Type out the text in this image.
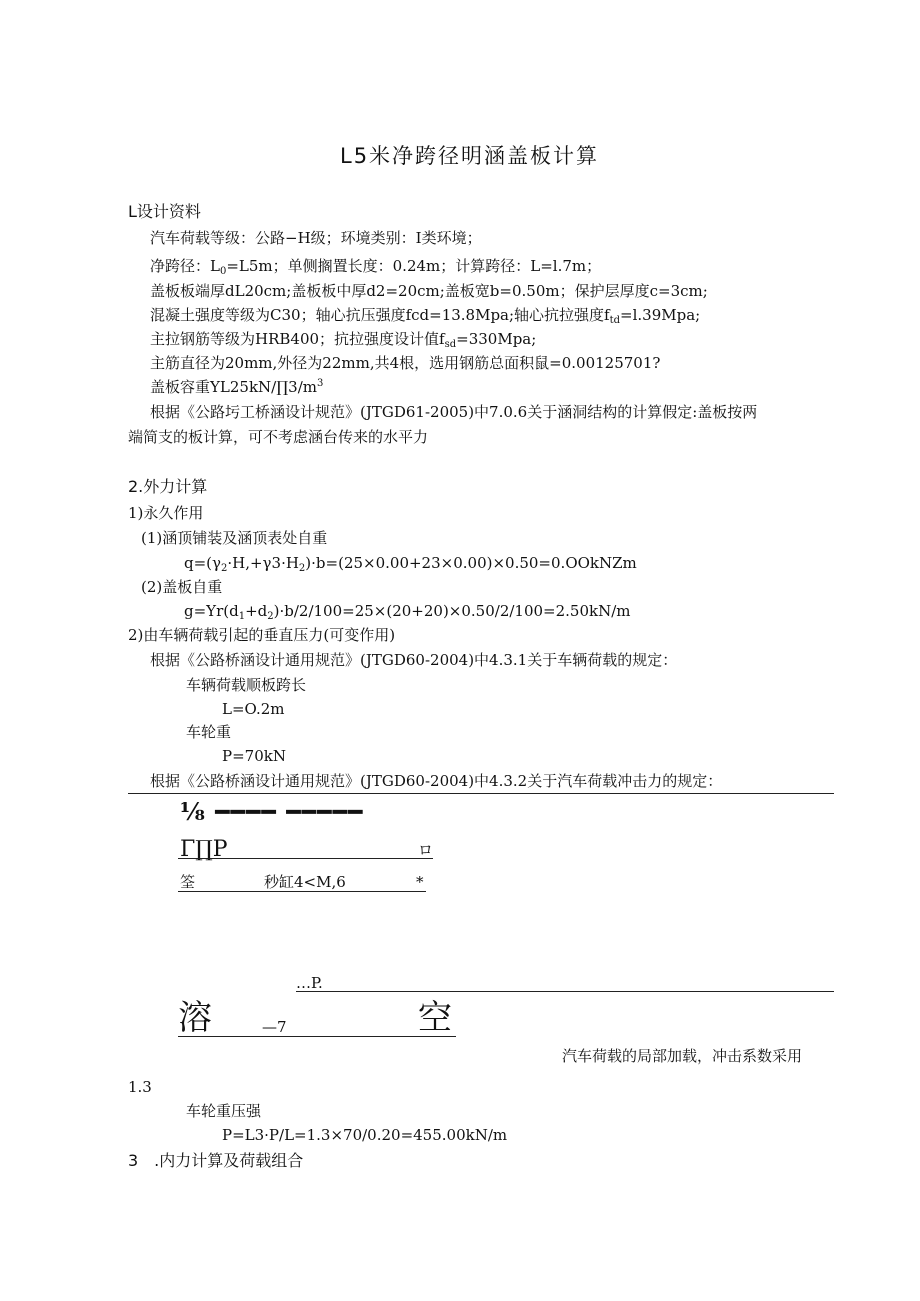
L5米净跨径明涵盖板计算
L设计资料
汽车荷载等级：公路−H级；环境类别：I类环境；
净跨径：$L_0=L5m$；单侧搁置长度：0.24m；计算跨径：L=l.7m；
盖板板端厚dL20cm;盖板板中厚d2=20cm;盖板宽b=0.50m；保护层厚度c=3cm;
混凝土强度等级为C30；轴心抗压强度fcd=13.8Mpa;轴心抗拉强度$f_{td}=l.39Mpa$;
主拉钢筋等级为HRB400；抗拉强度设计值$f_{sd}=330Mpa$;
主筋直径为20mm,外径为22mm,共4根，选用钢筋总面积鼠=0.00125701?
盖板容重$YL25kN∕\prod 3∕m^3$
根据《公路圬工桥涵设计规范》(JTGD61-2005)中7.0.6关于涵洞结构的计算假定:盖板按两
端简支的板计算，可不考虑涵台传来的水平力
2.外力计算
1)永久作用
(1)涵顶铺装及涵顶表处自重
$q=(\gamma_2\cdot H,+\gamma 3\cdot H_2)\cdot b=(25\times 0.00+23\times 0.00)\times 0.50=0.OOkNZm$
(2)盖板自重
$g=Yr(d_1+d_2)\cdot b∕2∕100=25\times(20+20)\times 0.50/2/100=2.50kN∕m$
2)由车辆荷载引起的垂直压力(可变作用)
根据《公路桥涵设计通用规范》(JTGD60-2004)中4.3.1关于车辆荷载的规定：
车辆荷载顺板跨长
L=O.2m
车轮重
P=70kN
根据《公路桥涵设计通用规范》(JTGD60-2004)中4.3.2关于汽车荷载冲击力的规定：
⅛ ━━━━ ━━━━━
Γ∏P	ロ
筌	秒缸4<M,6	*
…P.
溶	—7	空
汽车荷载的局部加载，冲击系数采用
1.3
车轮重压强
P=L3·P∕L=1.3×70∕0.20=455.00kN∕m
3　.内力计算及荷载组合
